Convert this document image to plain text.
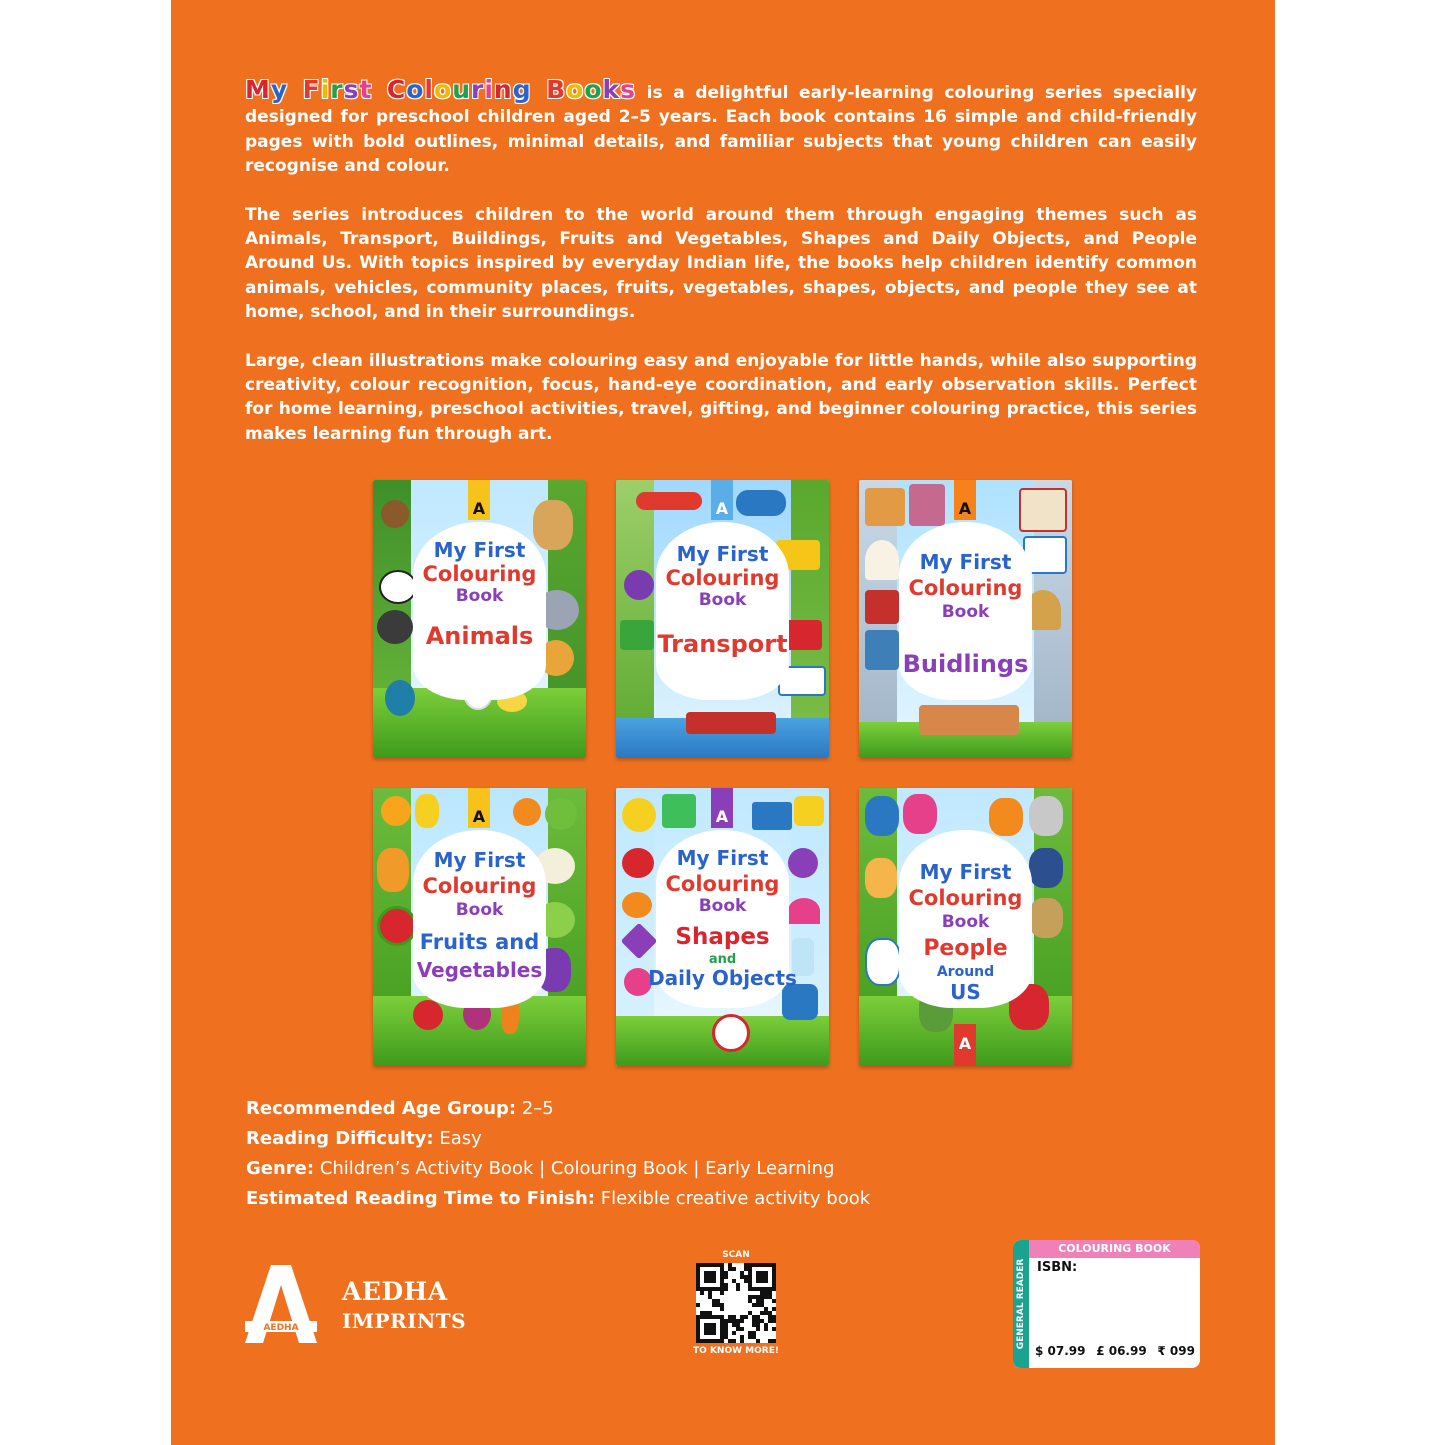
My First Colouring Books is a delightful early-learning colouring series specially designed for preschool children aged 2–5 years. Each book contains 16 simple and child-friendly pages with bold outlines, minimal details, and familiar subjects that young children can easily recognise and colour.

The series introduces children to the world around them through engaging themes such as Animals, Transport, Buildings, Fruits and Vegetables, Shapes and Daily Objects, and People Around Us. With topics inspired by everyday Indian life, the books help children identify common animals, vehicles, community places, fruits, vegetables, shapes, objects, and people they see at home, school, and in their surroundings.

Large, clean illustrations make colouring easy and enjoyable for little hands, while also supporting creativity, colour recognition, focus, hand-eye coordination, and early observation skills. Perfect for home learning, preschool activities, travel, gifting, and beginner colouring practice, this series makes learning fun through art.

A
My First
Colouring
Book
Animals
A
My First
Colouring
Book
Transport
A
My First
Colouring
Book
Buidlings
A
My First
Colouring
Book
Fruits and
Vegetables
A
My First
Colouring
Book
Shapes
and
Daily Objects
A
My First
Colouring
Book
People
Around
US
Recommended Age Group: 2–5
Reading Difficulty: Easy
Genre: Children’s Activity Book | Colouring Book | Early Learning
Estimated Reading Time to Finish: Flexible creative activity book
AEDHA
AEDHA
IMPRINTS
SCAN
TO KNOW MORE!
GENERAL READER
COLOURING BOOK
ISBN:
$ 07.99 £ 06.99 ₹ 099
